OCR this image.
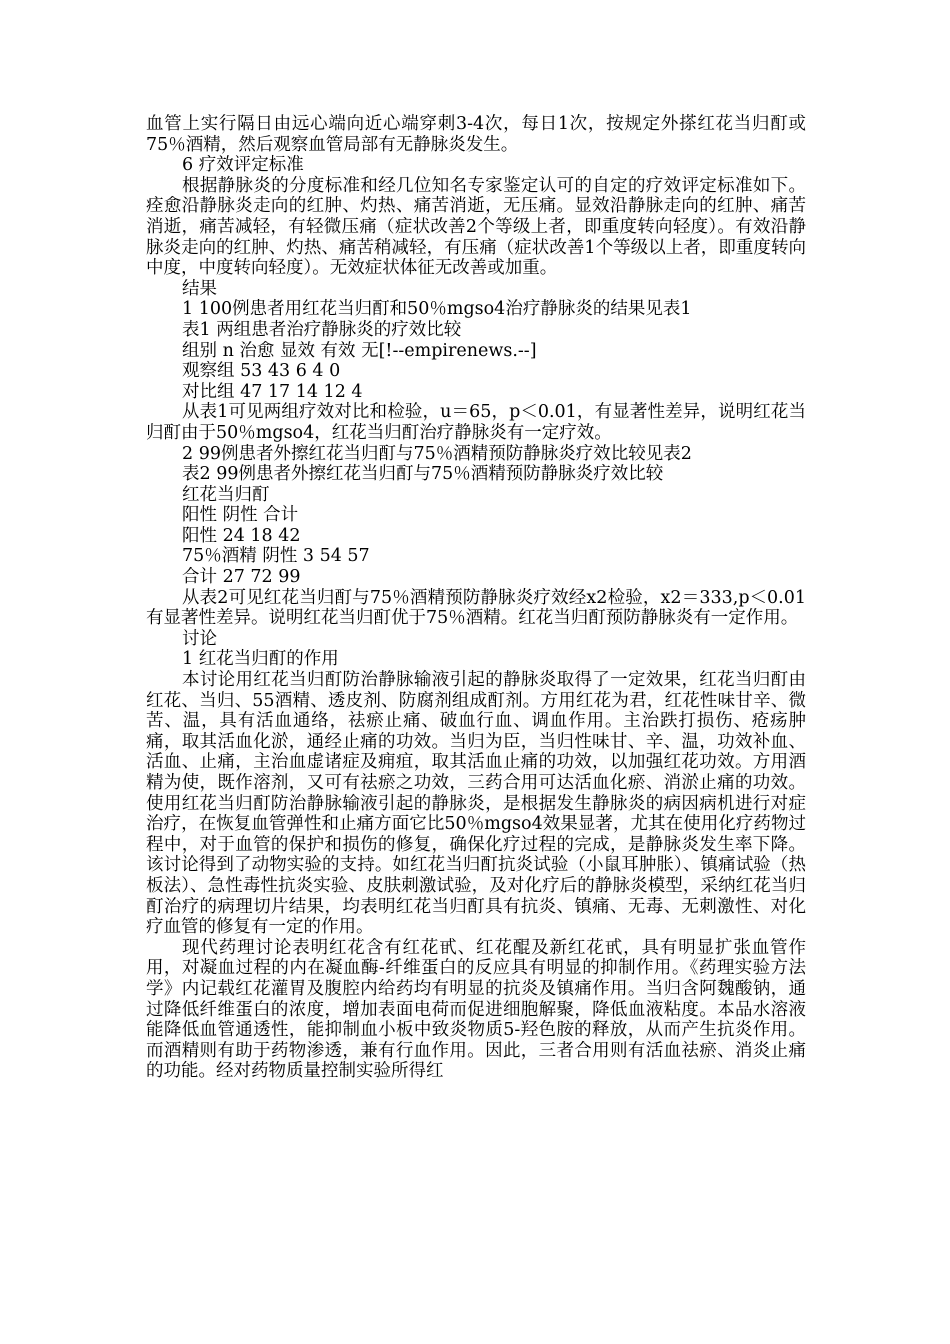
血管上实行隔日由远心端向近心端穿刺3-4次，每日1次，按规定外搽红花当归酊或75％酒精，然后观察血管局部有无静脉炎发生。

6 疗效评定标准

根据静脉炎的分度标准和经几位知名专家鉴定认可的自定的疗效评定标准如下。痊愈沿静脉炎走向的红肿、灼热、痛苦消逝，无压痛。显效沿静脉走向的红肿、痛苦消逝，痛苦减轻，有轻微压痛（症状改善2个等级上者，即重度转向轻度）。有效沿静脉炎走向的红肿、灼热、痛苦稍减轻，有压痛（症状改善1个等级以上者，即重度转向中度，中度转向轻度）。无效症状体征无改善或加重。

结果

1 100例患者用红花当归酊和50％mgso4治疗静脉炎的结果见表1

表1 两组患者治疗静脉炎的疗效比较

组别 n 治愈 显效 有效 无[!--empirenews.--]

观察组 53 43 6 4 0

对比组 47 17 14 12 4

从表1可见两组疗效对比和检验，u＝65，p＜0.01，有显著性差异，说明红花当归酊由于50％mgso4，红花当归酊治疗静脉炎有一定疗效。

2 99例患者外擦红花当归酊与75％酒精预防静脉炎疗效比较见表2

表2 99例患者外擦红花当归酊与75％酒精预防静脉炎疗效比较

红花当归酊

阳性 阴性 合计

阳性 24 18 42

75％酒精 阴性 3 54 57

合计 27 72 99

从表2可见红花当归酊与75％酒精预防静脉炎疗效经x2检验，x2＝333,p＜0.01有显著性差异。说明红花当归酊优于75％酒精。红花当归酊预防静脉炎有一定作用。

讨论

1 红花当归酊的作用

本讨论用红花当归酊防治静脉输液引起的静脉炎取得了一定效果，红花当归酊由红花、当归、55酒精、透皮剂、防腐剂组成酊剂。方用红花为君，红花性味甘辛、微苦、温，具有活血通络，祛瘀止痛、破血行血、调血作用。主治跌打损伤、疮疡肿痛，取其活血化淤，通经止痛的功效。当归为臣，当归性味甘、辛、温，功效补血、活血、止痛，主治血虚诸症及痈疽，取其活血止痛的功效，以加强红花功效。方用酒精为使，既作溶剂，又可有祛瘀之功效，三药合用可达活血化瘀、消淤止痛的功效。使用红花当归酊防治静脉输液引起的静脉炎，是根据发生静脉炎的病因病机进行对症治疗，在恢复血管弹性和止痛方面它比50％mgso4效果显著，尤其在使用化疗药物过程中，对于血管的保护和损伤的修复，确保化疗过程的完成，是静脉炎发生率下降。该讨论得到了动物实验的支持。如红花当归酊抗炎试验（小鼠耳肿胀）、镇痛试验（热板法）、急性毒性抗炎实验、皮肤刺激试验，及对化疗后的静脉炎模型，采纳红花当归酊治疗的病理切片结果，均表明红花当归酊具有抗炎、镇痛、无毒、无刺激性、对化疗血管的修复有一定的作用。

现代药理讨论表明红花含有红花甙、红花醌及新红花甙，具有明显扩张血管作用，对凝血过程的内在凝血酶-纤维蛋白的反应具有明显的抑制作用。《药理实验方法学》内记载红花灌胃及腹腔内给药均有明显的抗炎及镇痛作用。当归含阿魏酸钠，通过降低纤维蛋白的浓度，增加表面电荷而促进细胞解聚，降低血液粘度。本品水溶液能降低血管通透性，能抑制血小板中致炎物质5-羟色胺的释放，从而产生抗炎作用。而酒精则有助于药物渗透，兼有行血作用。因此，三者合用则有活血祛瘀、消炎止痛的功能。经对药物质量控制实验所得红
